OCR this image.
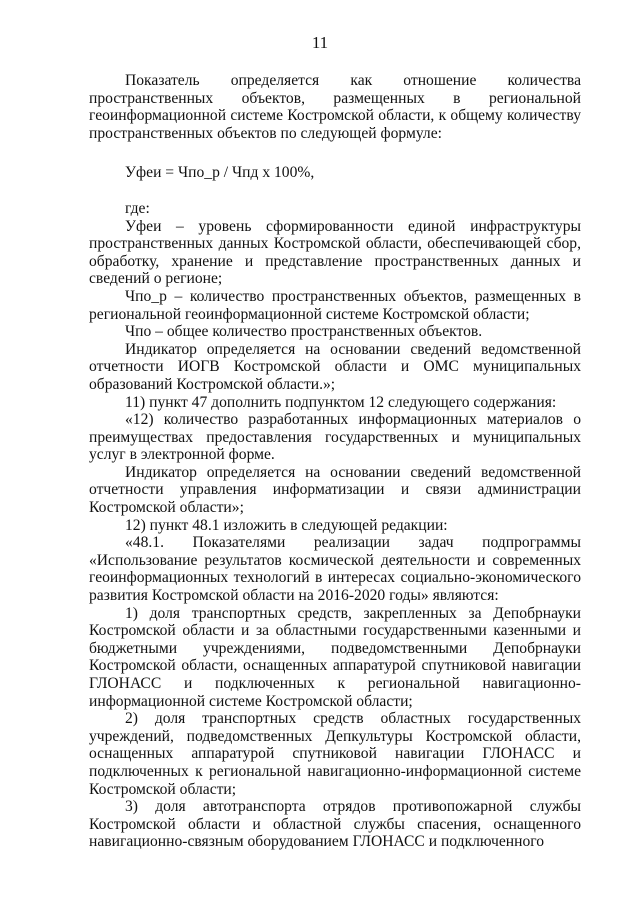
11

Показатель определяется как отношение количества пространственных объектов, размещенных в региональной геоинформационной системе Костромской области, к общему количеству пространственных объектов по следующей формуле:

Уфеи = Чпо_р / Чпд х 100%,

где:

Уфеи – уровень сформированности единой инфраструктуры пространственных данных Костромской области, обеспечивающей сбор, обработку, хранение и представление пространственных данных и сведений о регионе;

Чпо_р – количество пространственных объектов, размещенных в региональной геоинформационной системе Костромской области;

Чпо – общее количество пространственных объектов.

Индикатор определяется на основании сведений ведомственной отчетности ИОГВ Костромской области и ОМС муниципальных образований Костромской области.»;

11) пункт 47 дополнить подпунктом 12 следующего содержания:

«12) количество разработанных информационных материалов о преимуществах предоставления государственных и муниципальных услуг в электронной форме.

Индикатор определяется на основании сведений ведомственной отчетности управления информатизации и связи администрации Костромской области»;

12) пункт 48.1 изложить в следующей редакции:

«48.1. Показателями реализации задач подпрограммы «Использование результатов космической деятельности и современных геоинформационных технологий в интересах социально-экономического развития Костромской области на 2016-2020 годы» являются:

1) доля транспортных средств, закрепленных за Депобрнауки Костромской области и за областными государственными казенными и бюджетными учреждениями, подведомственными Депобрнауки Костромской области, оснащенных аппаратурой спутниковой навигации ГЛОНАСС и подключенных к региональной навигационно-информационной системе Костромской области;

2) доля транспортных средств областных государственных учреждений, подведомственных Депкультуры Костромской области, оснащенных аппаратурой спутниковой навигации ГЛОНАСС и подключенных к региональной навигационно-информационной системе Костромской области;

3) доля автотранспорта отрядов противопожарной службы Костромской области и областной службы спасения, оснащенного навигационно-связным оборудованием ГЛОНАСС и подключенного
